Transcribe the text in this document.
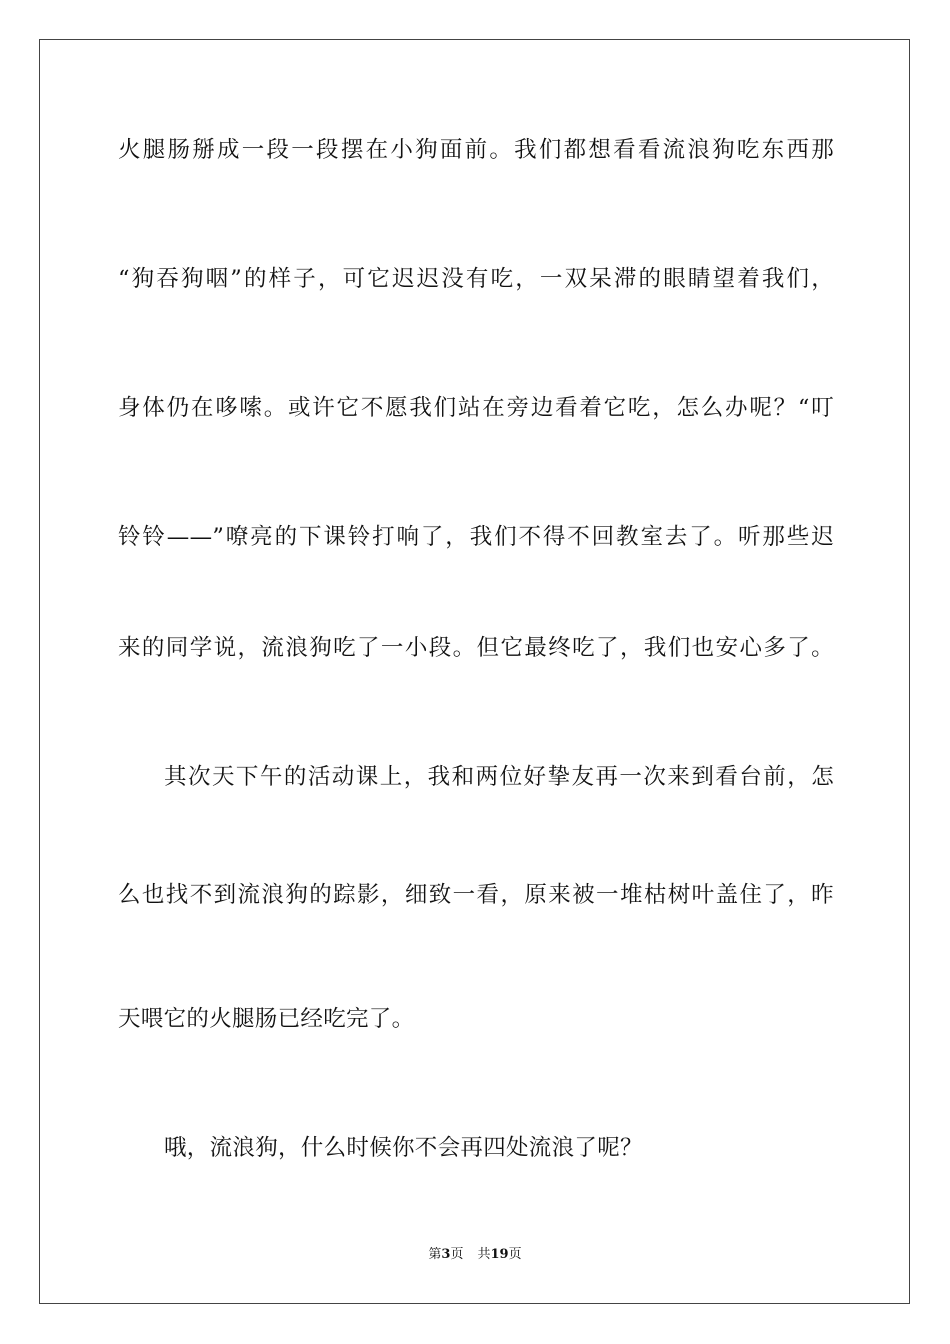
火腿肠掰成一段一段摆在小狗面前。我们都想看看流浪狗吃东西那
“狗吞狗咽”的样子，可它迟迟没有吃，一双呆滞的眼睛望着我们，
身体仍在哆嗦。或许它不愿我们站在旁边看着它吃，怎么办呢？“叮
铃铃——”嘹亮的下课铃打响了，我们不得不回教室去了。听那些迟
来的同学说，流浪狗吃了一小段。但它最终吃了，我们也安心多了。
其次天下午的活动课上，我和两位好挚友再一次来到看台前，怎
么也找不到流浪狗的踪影，细致一看，原来被一堆枯树叶盖住了，昨
天喂它的火腿肠已经吃完了。
哦，流浪狗，什么时候你不会再四处流浪了呢？
第3页 共19页
